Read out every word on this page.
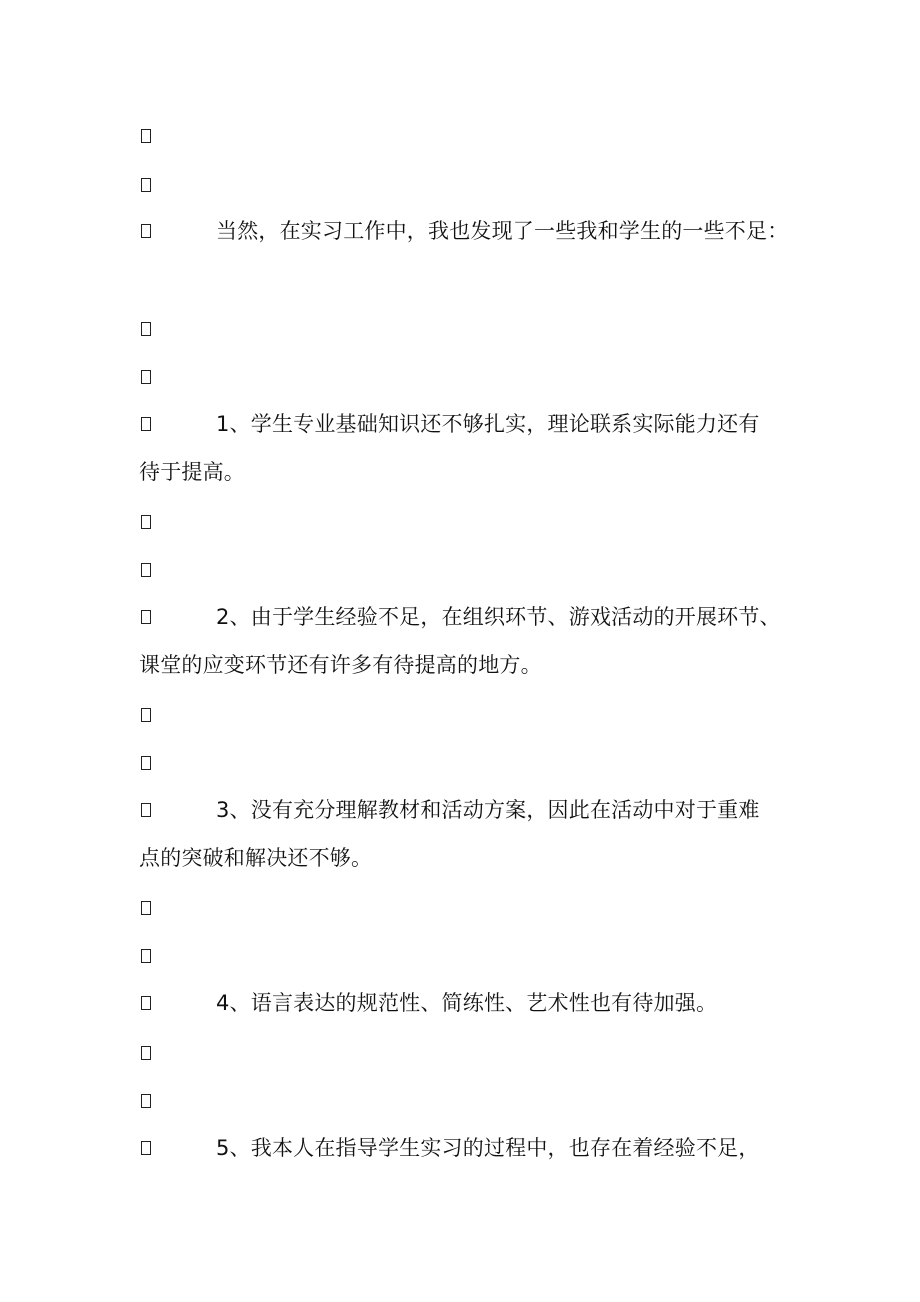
当然，在实习工作中，我也发现了一些我和学生的一些不足：
1、学生专业基础知识还不够扎实，理论联系实际能力还有
待于提高。
2、由于学生经验不足，在组织环节、游戏活动的开展环节、
课堂的应变环节还有许多有待提高的地方。
3、没有充分理解教材和活动方案，因此在活动中对于重难
点的突破和解决还不够。
4、语言表达的规范性、简练性、艺术性也有待加强。
5、我本人在指导学生实习的过程中，也存在着经验不足，
